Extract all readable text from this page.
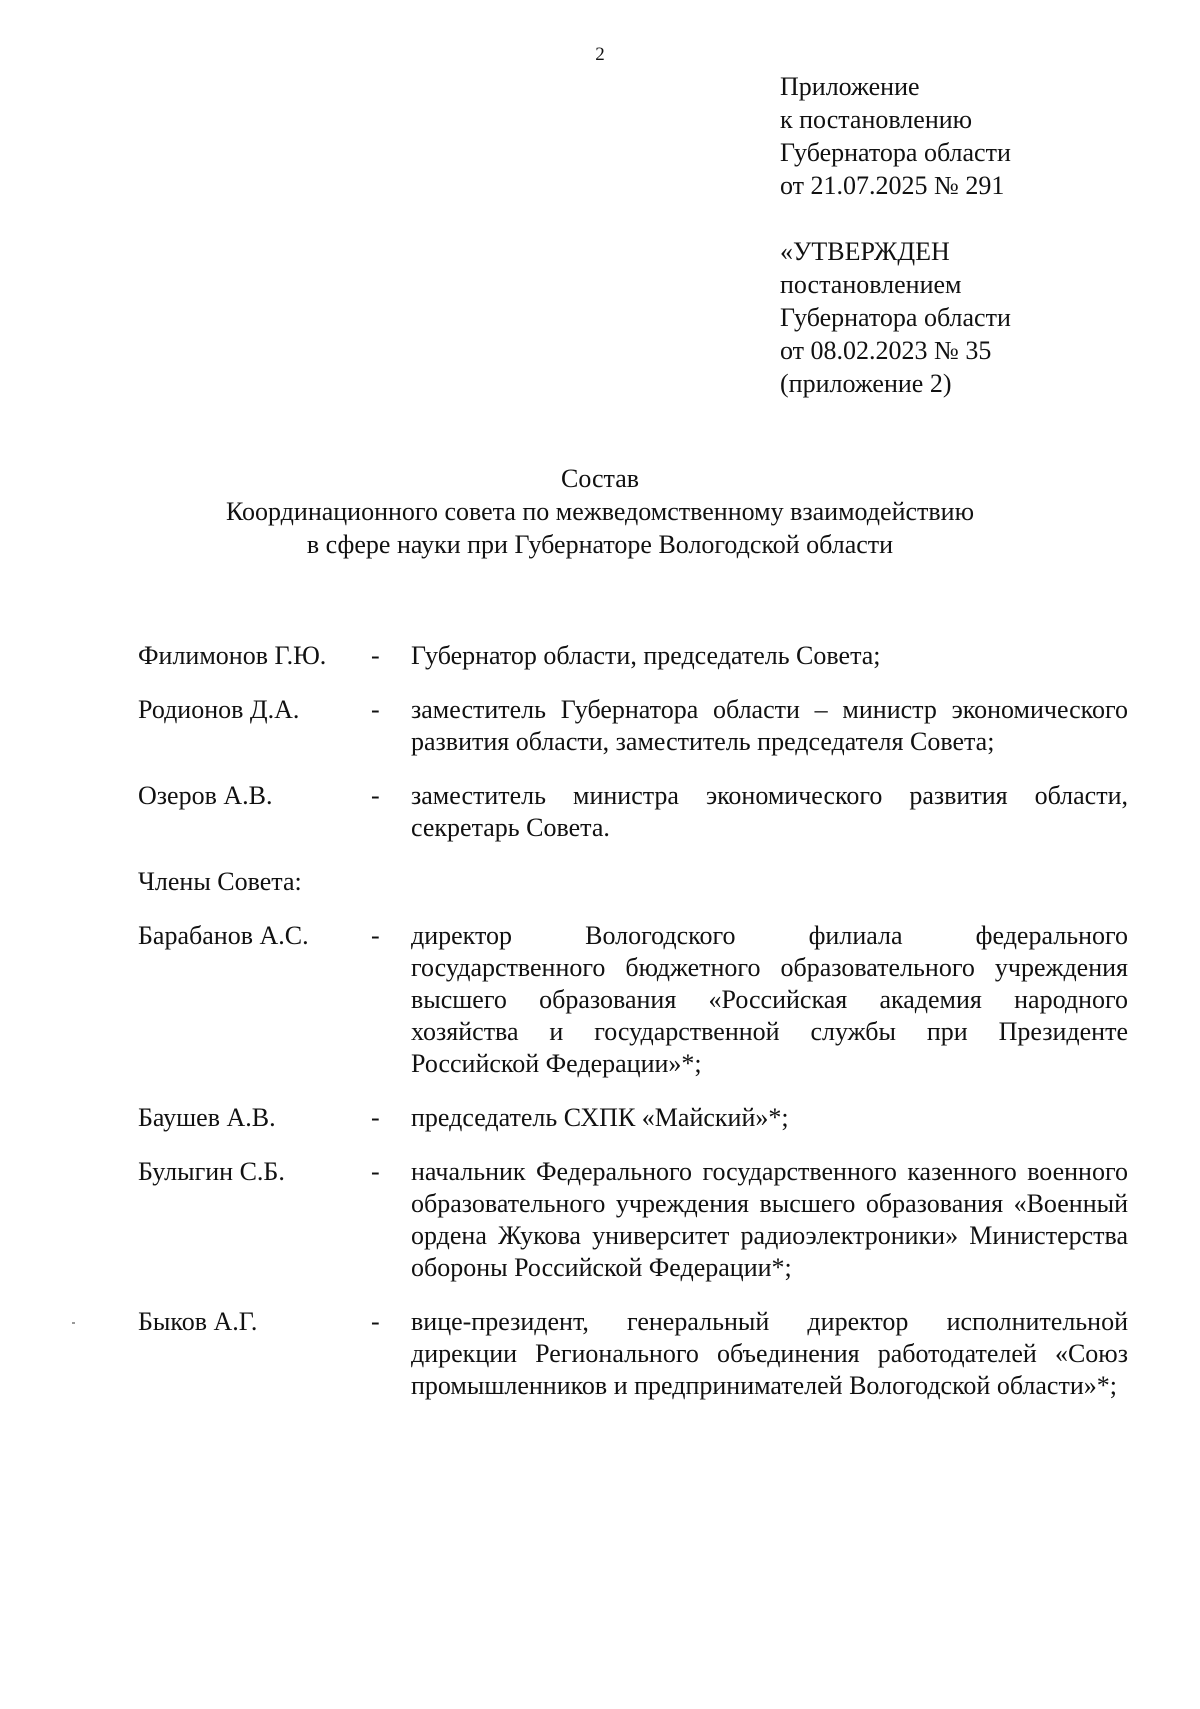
2
Приложение
к постановлению
Губернатора области
от 21.07.2025 № 291
«УТВЕРЖДЕН
постановлением
Губернатора области
от 08.02.2023 № 35
(приложение 2)
Состав
Координационного совета по межведомственному взаимодействию
в сфере науки при Губернаторе Вологодской области
Филимонов Г.Ю.	-	Губернатор области, председатель Совета;
Родионов Д.А.	-	заместитель Губернатора области – министр экономического развития области, заместитель председателя Совета;
Озеров А.В.	-	заместитель министра экономического развития области, секретарь Совета.
Члены Совета:
Барабанов А.С.	-	директор Вологодского филиала федерального государственного бюджетного образовательного учреждения высшего образования «Российская академия народного хозяйства и государственной службы при Президенте Российской Федерации»*;
Баушев А.В.	-	председатель СХПК «Майский»*;
Булыгин С.Б.	-	начальник Федерального государственного казенного военного образовательного учреждения высшего образования «Военный ордена Жукова университет радиоэлектроники» Министерства обороны Российской Федерации*;
Быков А.Г.	-	вице-президент, генеральный директор исполнительной дирекции Регионального объединения работодателей «Союз промышленников и предпринимателей Вологодской области»*;
